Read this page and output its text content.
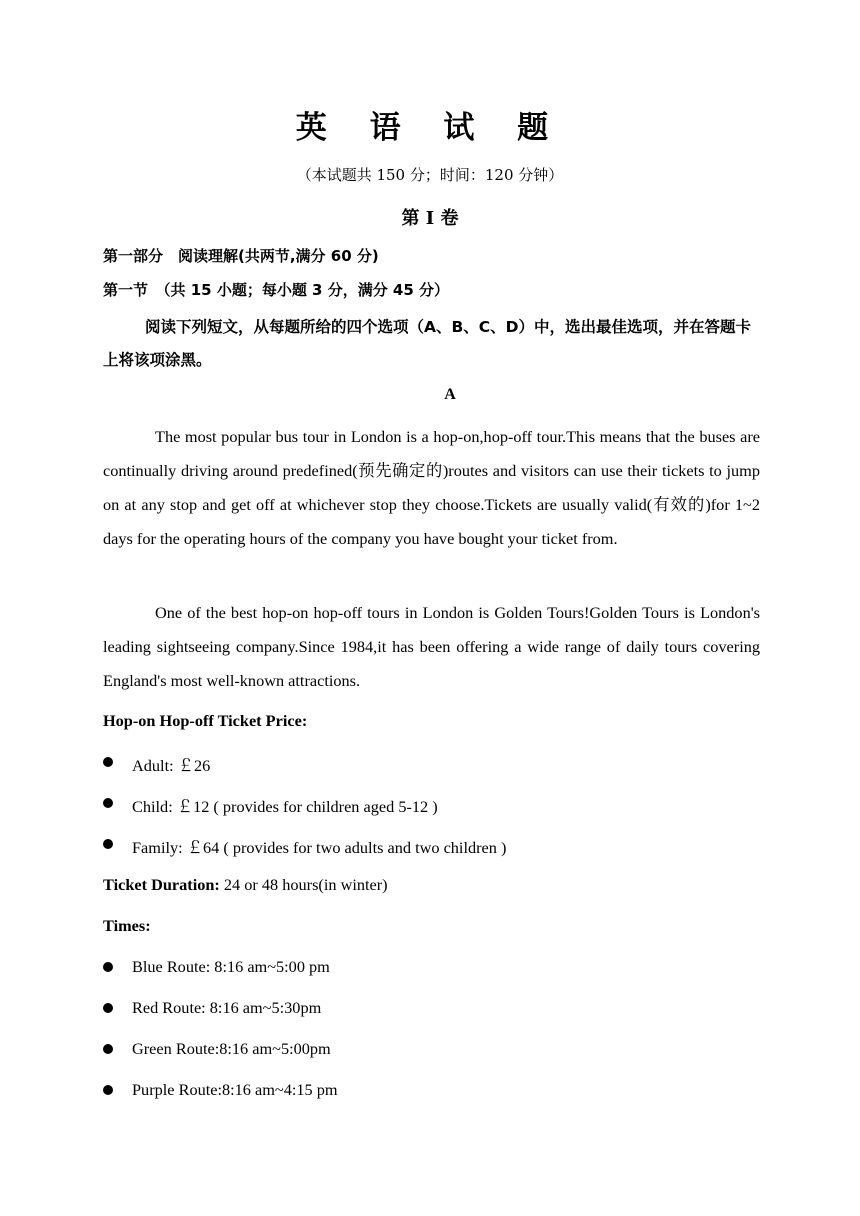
英 语 试 题
（本试题共 150 分；时间：120 分钟）
第 I 卷
第一部分　阅读理解(共两节,满分 60 分)
第一节　（共 15 小题；每小题 3 分，满分 45 分）
阅读下列短文，从每题所给的四个选项（A、B、C、D）中，选出最佳选项，并在答题卡上将该项涂黑。
A
The most popular bus tour in London is a hop-on,hop-off tour.This means that the buses are continually driving around predefined(预先确定的)routes and visitors can use their tickets to jump on at any stop and get off at whichever stop they choose.Tickets are usually valid(有效的)for 1~2 days for the operating hours of the company you have bought your ticket from.
One of the best hop-on hop-off tours in London is Golden Tours!Golden Tours is London's leading sightseeing company.Since 1984,it has been offering a wide range of daily tours covering England's most well-known attractions.
Hop-on Hop-off Ticket Price:
Adult: ￡26
Child: ￡12 ( provides for children aged 5-12 )
Family: ￡64 ( provides for two adults and two children )
Ticket Duration: 24 or 48 hours(in winter)
Times:
Blue Route: 8:16 am~5:00 pm
Red Route: 8:16 am~5:30pm
Green Route:8:16 am~5:00pm
Purple Route:8:16 am~4:15 pm
